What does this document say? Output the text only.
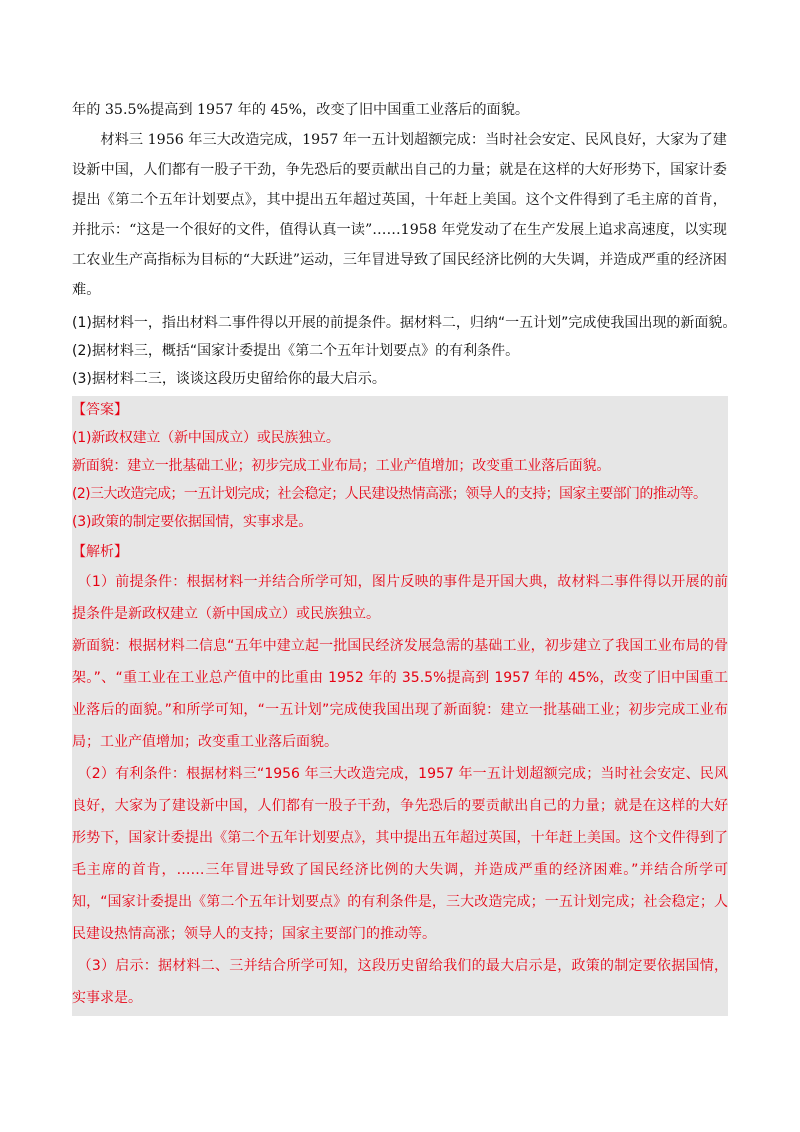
年的 35.5%提高到 1957 年的 45%，改变了旧中国重工业落后的面貌。

材料三 1956 年三大改造完成，1957 年一五计划超额完成：当时社会安定、民风良好，大家为了建设新中国，人们都有一股子干劲，争先恐后的要贡献出自己的力量；就是在这样的大好形势下，国家计委提出《第二个五年计划要点》，其中提出五年超过英国，十年赶上美国。这个文件得到了毛主席的首肯，并批示：“这是一个很好的文件，值得认真一读”……1958 年党发动了在生产发展上追求高速度，以实现工农业生产高指标为目标的“大跃进”运动，三年冒进导致了国民经济比例的大失调，并造成严重的经济困难。

(1)据材料一，指出材料二事件得以开展的前提条件。据材料二，归纳“一五计划”完成使我国出现的新面貌。

(2)据材料三，概括“国家计委提出《第二个五年计划要点》的有利条件。

(3)据材料二三，谈谈这段历史留给你的最大启示。

【答案】

(1)新政权建立（新中国成立）或民族独立。

新面貌：建立一批基础工业；初步完成工业布局；工业产值增加；改变重工业落后面貌。

(2)三大改造完成；一五计划完成；社会稳定；人民建设热情高涨；领导人的支持；国家主要部门的推动等。

(3)政策的制定要依据国情，实事求是。

【解析】

（1）前提条件：根据材料一并结合所学可知，图片反映的事件是开国大典，故材料二事件得以开展的前提条件是新政权建立（新中国成立）或民族独立。

新面貌：根据材料二信息“五年中建立起一批国民经济发展急需的基础工业，初步建立了我国工业布局的骨架。”、“重工业在工业总产值中的比重由 1952 年的 35.5%提高到 1957 年的 45%，改变了旧中国重工业落后的面貌。”和所学可知，“一五计划”完成使我国出现了新面貌：建立一批基础工业；初步完成工业布局；工业产值增加；改变重工业落后面貌。

（2）有利条件：根据材料三“1956 年三大改造完成，1957 年一五计划超额完成；当时社会安定、民风良好，大家为了建设新中国，人们都有一股子干劲，争先恐后的要贡献出自己的力量；就是在这样的大好形势下，国家计委提出《第二个五年计划要点》，其中提出五年超过英国，十年赶上美国。这个文件得到了毛主席的首肯，……三年冒进导致了国民经济比例的大失调，并造成严重的经济困难。”并结合所学可知，“国家计委提出《第二个五年计划要点》的有利条件是，三大改造完成；一五计划完成；社会稳定；人民建设热情高涨；领导人的支持；国家主要部门的推动等。

（3）启示：据材料二、三并结合所学可知，这段历史留给我们的最大启示是，政策的制定要依据国情，实事求是。
